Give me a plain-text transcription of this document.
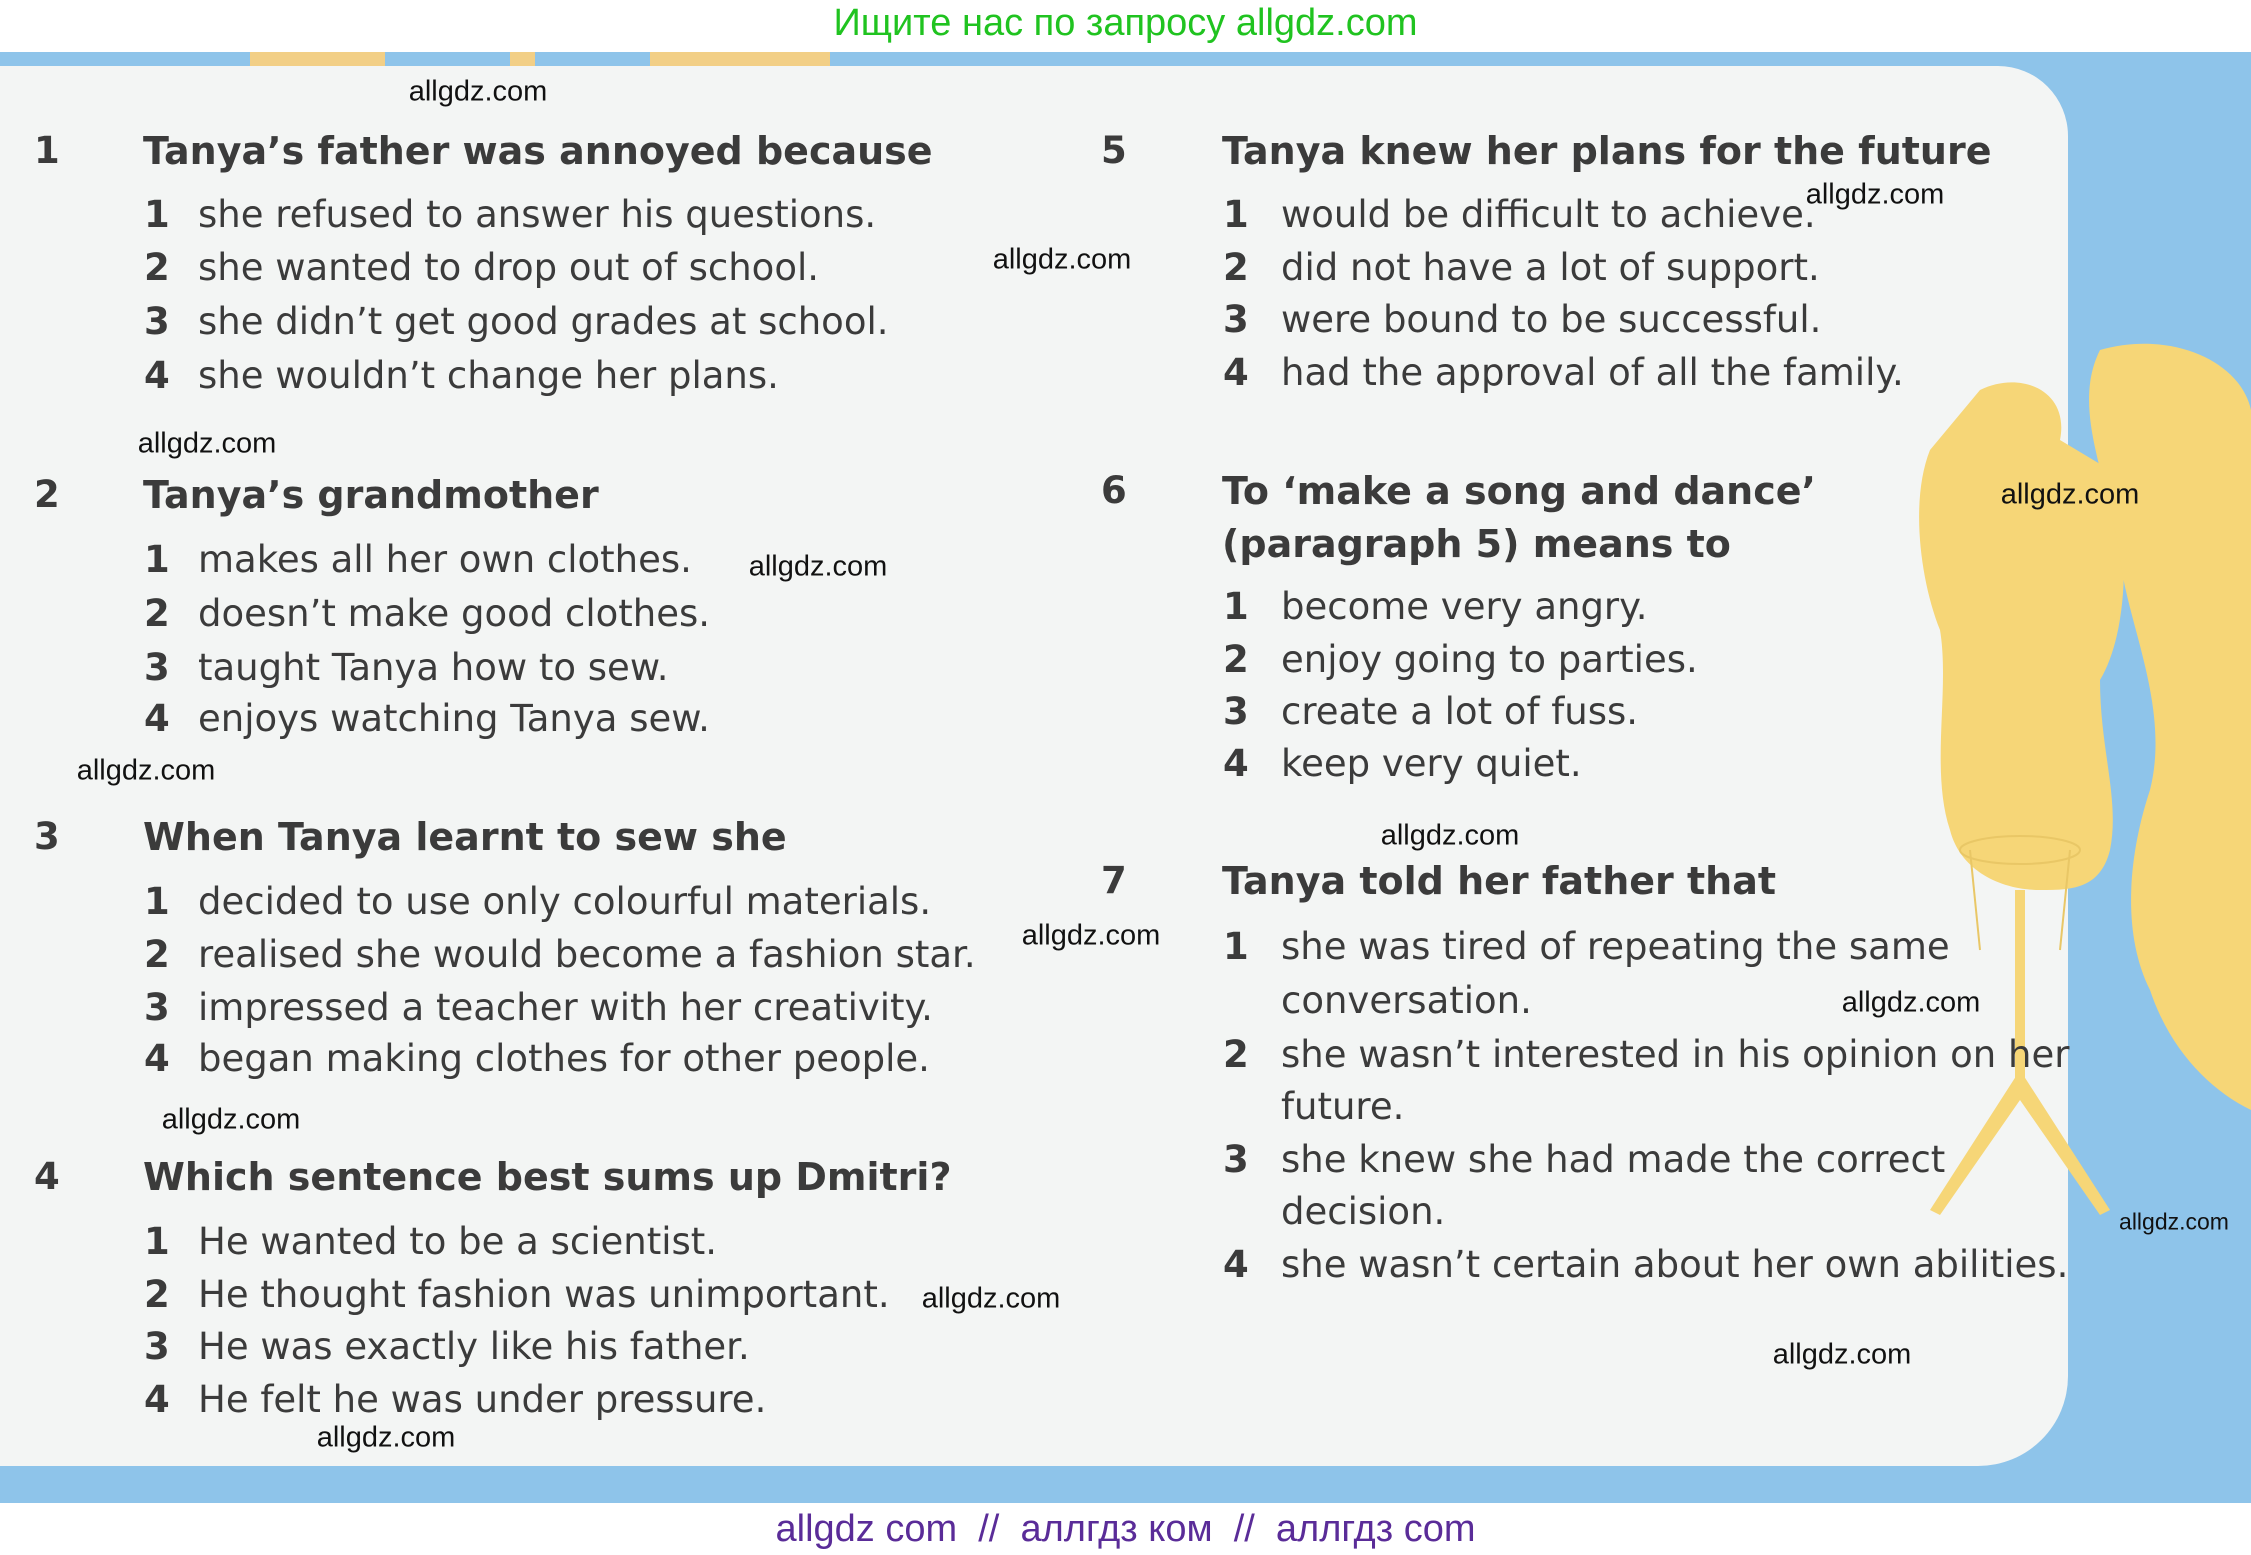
Ищите нас по запросу allgdz.com
1 Tanya’s father was annoyed because
1 she refused to answer his questions.
2 she wanted to drop out of school.
3 she didn’t get good grades at school.
4 she wouldn’t change her plans.
2 Tanya’s grandmother
1 makes all her own clothes.
2 doesn’t make good clothes.
3 taught Tanya how to sew.
4 enjoys watching Tanya sew.
3 When Tanya learnt to sew she
1 decided to use only colourful materials.
2 realised she would become a fashion star.
3 impressed a teacher with her creativity.
4 began making clothes for other people.
4 Which sentence best sums up Dmitri?
1 He wanted to be a scientist.
2 He thought fashion was unimportant.
3 He was exactly like his father.
4 He felt he was under pressure.
5	Tanya knew her plans for the future
1 would be difficult to achieve.
2 did not have a lot of support.
3 were bound to be successful.
4 had the approval of all the family.
6	To ‘make a song and dance’
(paragraph 5) means to
1 become very angry.
2 enjoy going to parties.
3 create a lot of fuss.
4 keep very quiet.
7	Tanya told her father that
1 she was tired of repeating the same
conversation.
2 she wasn’t interested in his opinion on her
future.
3 she knew she had made the correct
decision.
4 she wasn’t certain about her own abilities.
allgdz.com
allgdz.com
allgdz.com
allgdz.com
allgdz.com
allgdz.com
allgdz.com
allgdz.com
allgdz.com
allgdz.com
allgdz.com
allgdz.com
allgdz.com
allgdz.com
allgdz.com
allgdz com  //  аллгдз ком  //  аллгдз com
